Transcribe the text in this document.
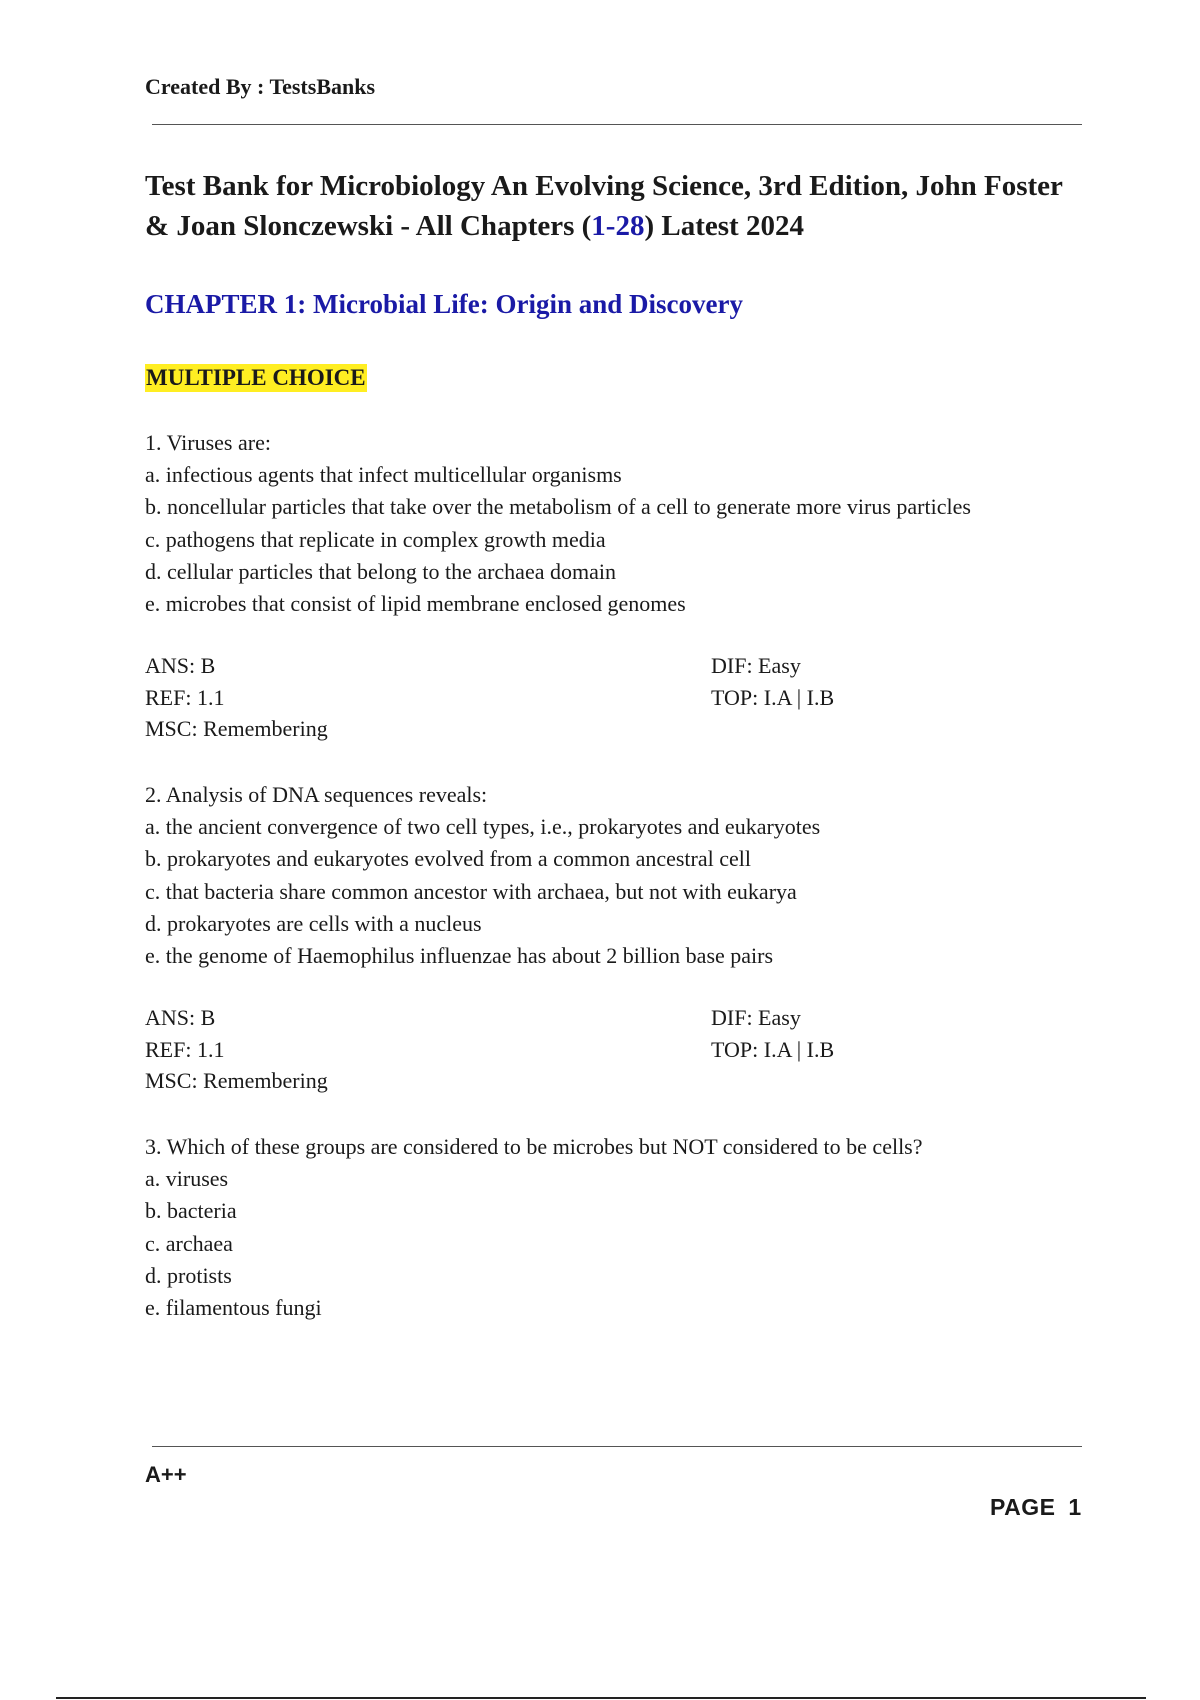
Created By : TestsBanks
Test Bank for Microbiology An Evolving Science, 3rd Edition, John Foster & Joan Slonczewski - All Chapters (1-28) Latest 2024
CHAPTER 1: Microbial Life: Origin and Discovery
MULTIPLE CHOICE
1. Viruses are:
a. infectious agents that infect multicellular organisms
b. noncellular particles that take over the metabolism of a cell to generate more virus particles
c. pathogens that replicate in complex growth media
d. cellular particles that belong to the archaea domain
e. microbes that consist of lipid membrane enclosed genomes
ANS: B
REF: 1.1
MSC: Remembering
DIF: Easy
TOP: I.A | I.B
2. Analysis of DNA sequences reveals:
a. the ancient convergence of two cell types, i.e., prokaryotes and eukaryotes
b. prokaryotes and eukaryotes evolved from a common ancestral cell
c. that bacteria share common ancestor with archaea, but not with eukarya
d. prokaryotes are cells with a nucleus
e. the genome of Haemophilus influenzae has about 2 billion base pairs
ANS: B
REF: 1.1
MSC: Remembering
DIF: Easy
TOP: I.A | I.B
3. Which of these groups are considered to be microbes but NOT considered to be cells?
a. viruses
b. bacteria
c. archaea
d. protists
e. filamentous fungi
A++
PAGE 1
